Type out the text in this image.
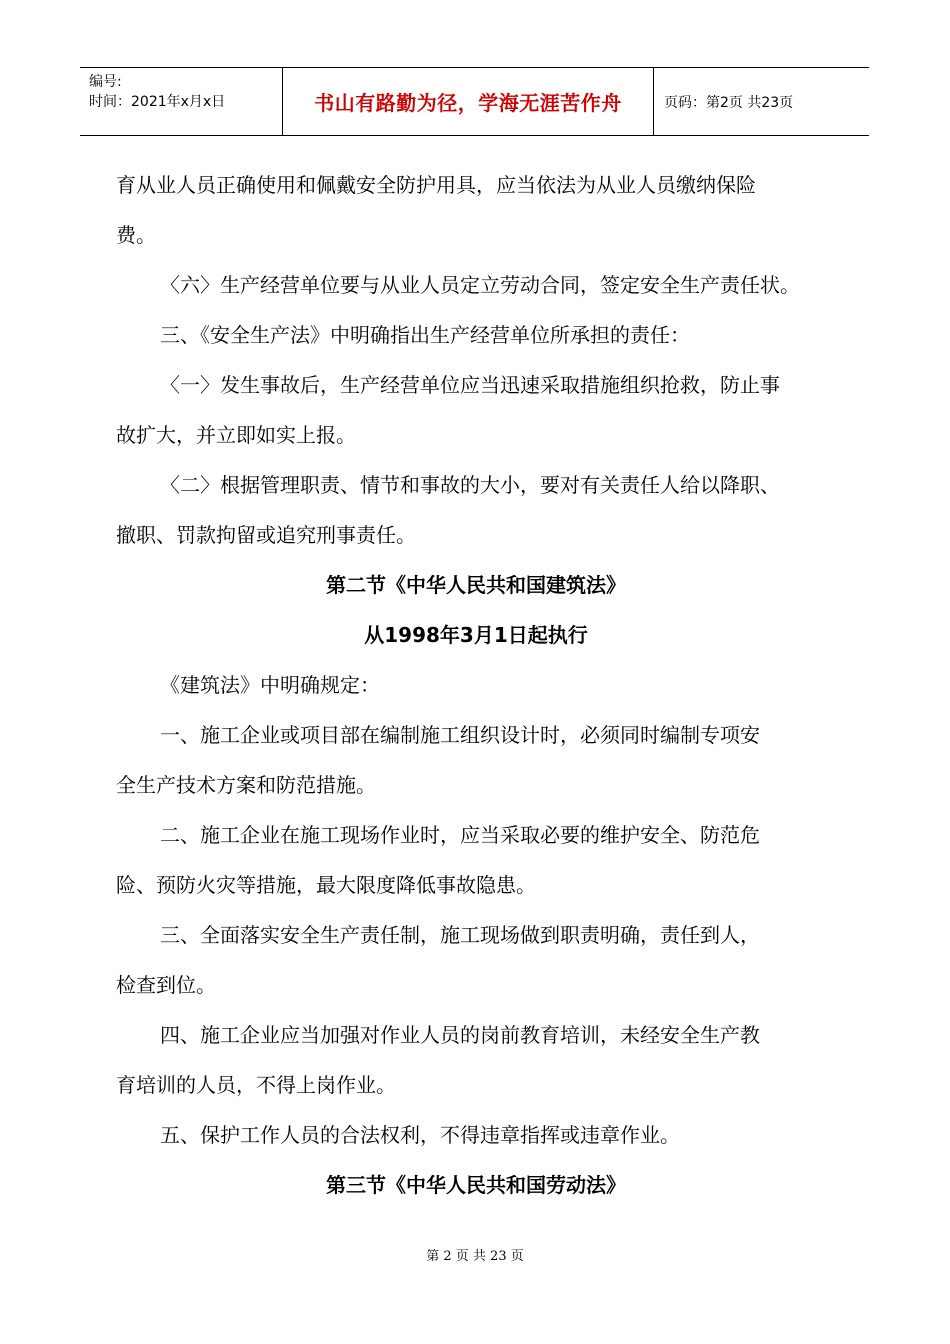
编号:
时间：2021年x月x日	书山有路勤为径，学海无涯苦作舟	页码：第2页 共23页

育从业人员正确使用和佩戴安全防护用具，应当依法为从业人员缴纳保险

费。

〈六〉生产经营单位要与从业人员定立劳动合同，签定安全生产责任状。

三、《安全生产法》中明确指出生产经营单位所承担的责任：

〈一〉发生事故后，生产经营单位应当迅速采取措施组织抢救，防止事

故扩大，并立即如实上报。

〈二〉根据管理职责、情节和事故的大小，要对有关责任人给以降职、

撤职、罚款拘留或追究刑事责任。

第二节《中华人民共和国建筑法》

从1998年3月1日起执行

《建筑法》中明确规定：

一、施工企业或项目部在编制施工组织设计时，必须同时编制专项安

全生产技术方案和防范措施。

二、施工企业在施工现场作业时，应当采取必要的维护安全、防范危

险、预防火灾等措施，最大限度降低事故隐患。

三、全面落实安全生产责任制，施工现场做到职责明确，责任到人，

检查到位。

四、施工企业应当加强对作业人员的岗前教育培训，未经安全生产教

育培训的人员，不得上岗作业。

五、保护工作人员的合法权利，不得违章指挥或违章作业。

第三节《中华人民共和国劳动法》

第 2 页 共 23 页
